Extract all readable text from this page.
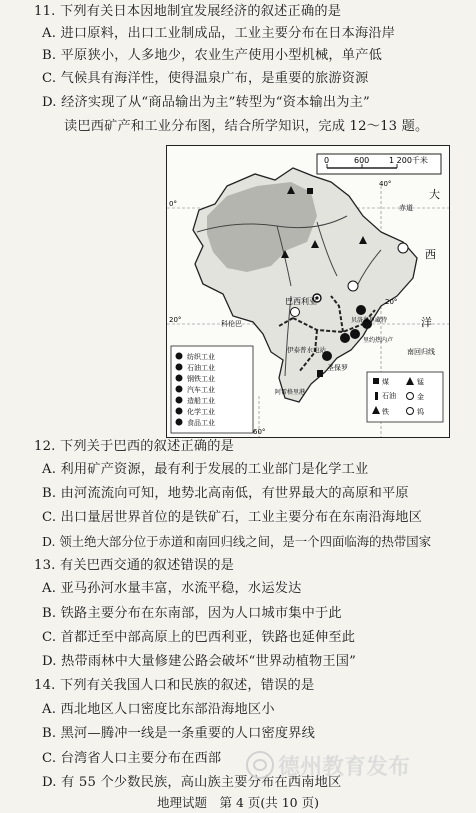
11. 下列有关日本因地制宜发展经济的叙述正确的是
A. 进口原料，出口工业制成品，工业主要分布在日本海沿岸
B. 平原狭小，人多地少，农业生产使用小型机械，单产低
C. 气候具有海洋性，使得温泉广布，是重要的旅游资源
D. 经济实现了从“商品输出为主”转型为“资本输出为主”
读巴西矿产和工业分布图，结合所学知识，完成 12～13 题。
0	600 1 200千米
大
西
洋
赤道
南回归线
0°
20°
40°
60°
20°
巴西利亚
科伦巴
伊泰普水电站
贝洛奥里藏特
里约热内卢
圣保罗
阿雷格里港
纺织工业
石油工业
钢铁工业
汽车工业
造船工业
化学工业
食品工业
煤
石油
铁
锰
金
钨
12. 下列关于巴西的叙述正确的是
A. 利用矿产资源，最有利于发展的工业部门是化学工业
B. 由河流流向可知，地势北高南低，有世界最大的高原和平原
C. 出口量居世界首位的是铁矿石，工业主要分布在东南沿海地区
D. 领土绝大部分位于赤道和南回归线之间，是一个四面临海的热带国家
13. 有关巴西交通的叙述错误的是
A. 亚马孙河水量丰富，水流平稳，水运发达
B. 铁路主要分布在东南部，因为人口城市集中于此
C. 首都迁至中部高原上的巴西利亚，铁路也延伸至此
D. 热带雨林中大量修建公路会破坏“世界动植物王国”
14. 下列有关我国人口和民族的叙述，错误的是
A. 西北地区人口密度比东部沿海地区小
B. 黑河—腾冲一线是一条重要的人口密度界线
C. 台湾省人口主要分布在西部
D. 有 55 个少数民族，高山族主要分布在西南地区
德州教育发布
地理试题　第 4 页(共 10 页)
